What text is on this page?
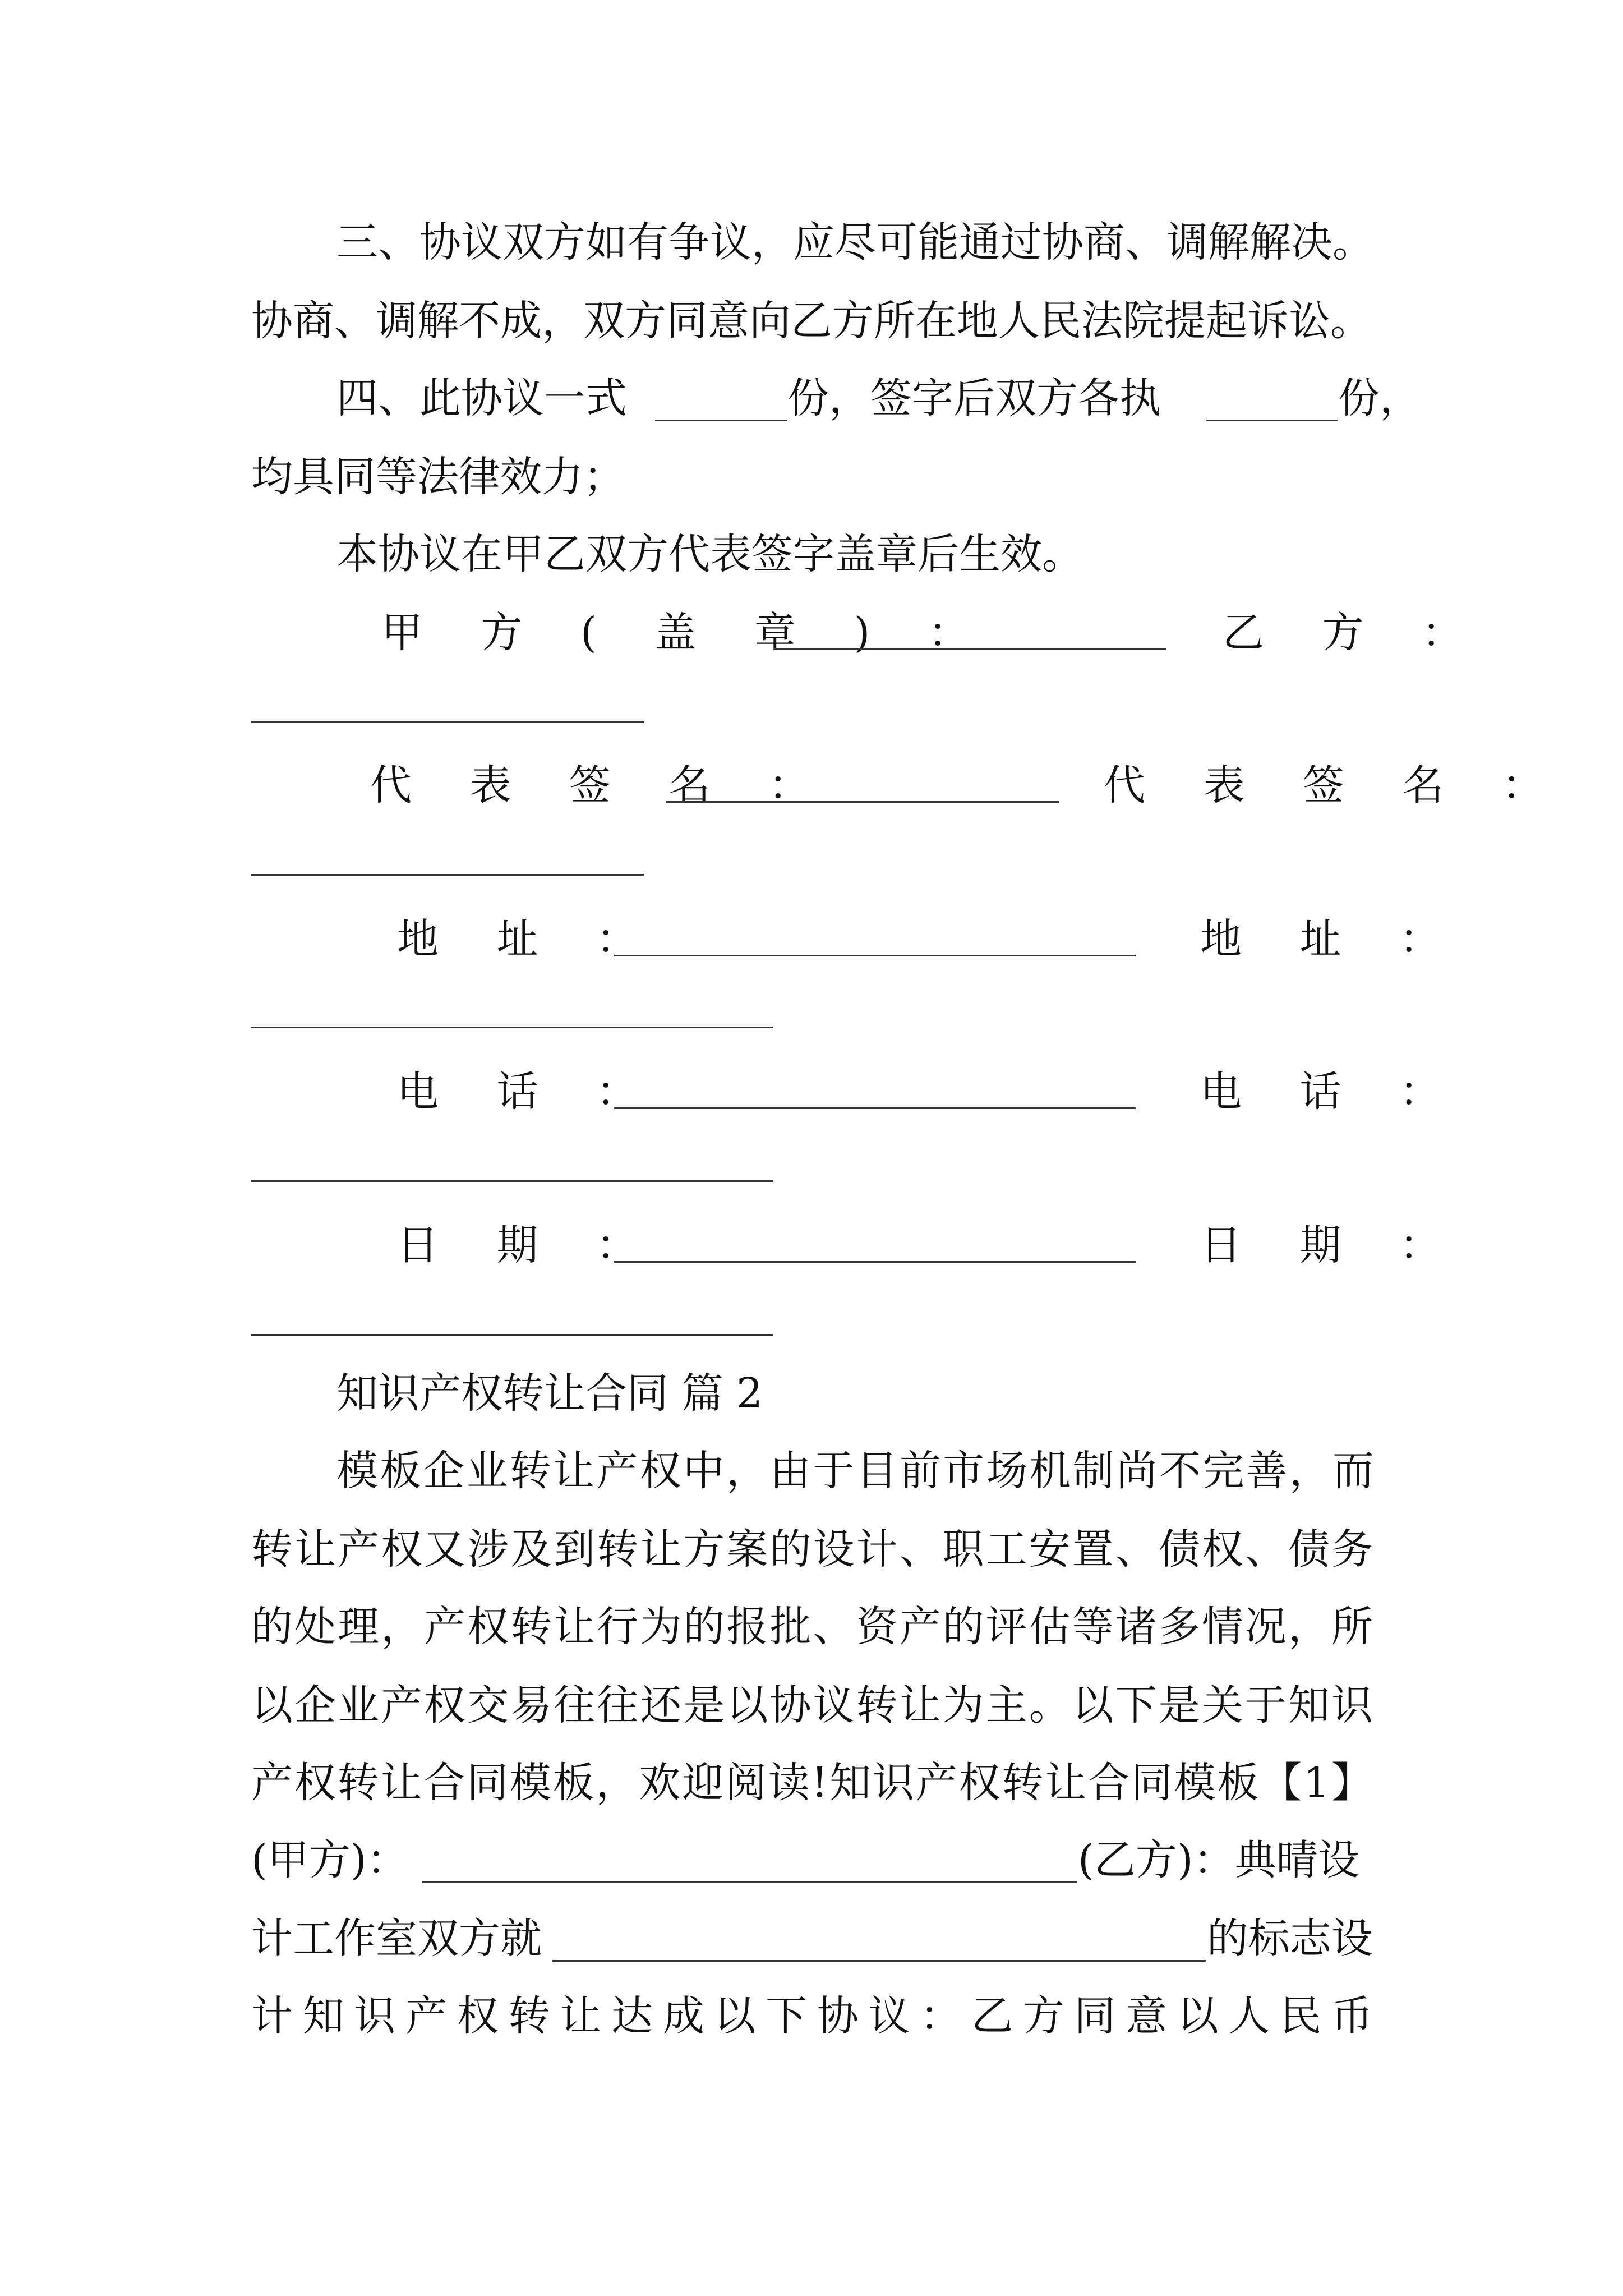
三、协议双方如有争议，应尽可能通过协商、调解解决。
协商、调解不成，双方同意向乙方所在地人民法院提起诉讼。
四、此协议一式	份，签字后双方各执	份，
均具同等法律效力；
本协议在甲乙双方代表签字盖章后生效。
甲 方 ( 盖 章 ) ：	乙 方 ：
代 表 签 名 ：	代 表 签 名 ：
地 址 ：	地 址 ：
电 话 ：	电 话 ：
日 期 ：	日 期 ：
知识产权转让合同 篇 2
模板企业转让产权中，由于目前市场机制尚不完善，而
转让产权又涉及到转让方案的设计、职工安置、债权、债务
的处理，产权转让行为的报批、资产的评估等诸多情况，所
以企业产权交易往往还是以协议转让为主。以下是关于知识
产权转让合同模板，欢迎阅读!知识产权转让合同模板【1】
(甲方)：	(乙方)：典晴设
计工作室双方就	的标志设
计知识产权转让达成以下协议：乙方同意以人民币
